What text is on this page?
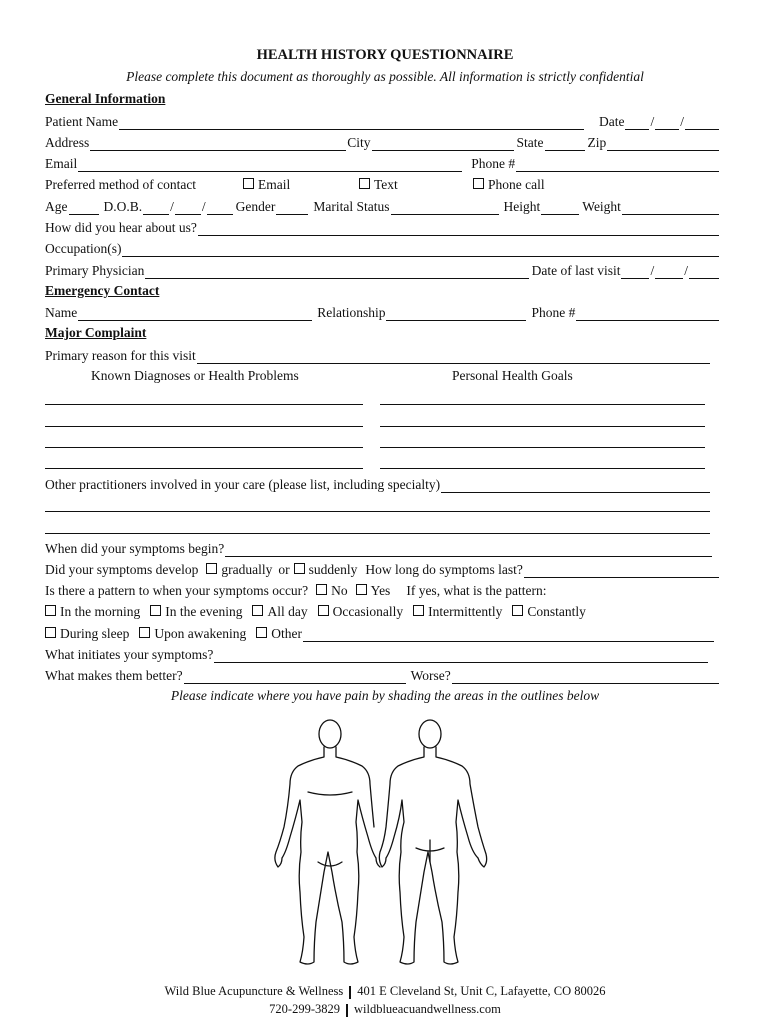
HEALTH HISTORY QUESTIONNAIRE
Please complete this document as thoroughly as possible. All information is strictly confidential
General Information
Patient Name	Date / /
Address	City	State	Zip
Email	Phone #
Preferred method of contact	Email	Text	Phone call
Age	D.O.B. / / Gender	Marital Status	Height	Weight
How did you hear about us?
Occupation(s)
Primary Physician	Date of last visit / /
Emergency Contact
Name	Relationship	Phone #
Major Complaint
Primary reason for this visit
Known Diagnoses or Health Problems	Personal Health Goals
Other practitioners involved in your care (please list, including specialty)
When did your symptoms begin?
Did your symptoms develop gradually or suddenly How long do symptoms last?
Is there a pattern to when your symptoms occur? No Yes If yes, what is the pattern:
In the morning In the evening All day Occasionally Intermittently Constantly
During sleep Upon awakening Other
What initiates your symptoms?
What makes them better?	Worse?
Please indicate where you have pain by shading the areas in the outlines below
Wild Blue Acupuncture & Wellness 401 E Cleveland St, Unit C, Lafayette, CO 80026
720-299-3829 wildblueacuandwellness.com
